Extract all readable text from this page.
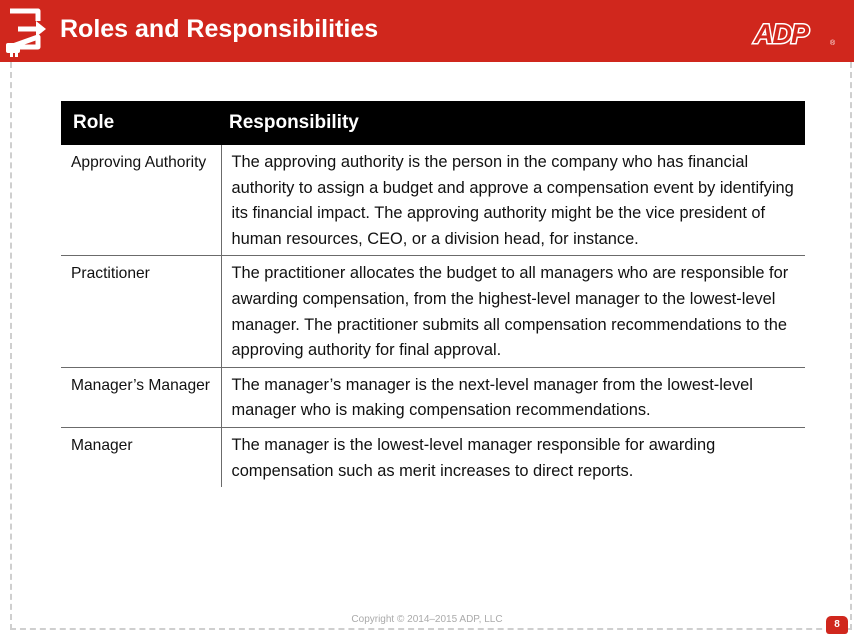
Roles and Responsibilities	ADP	®
Role	Responsibility
Approving Authority	The approving authority is the person in the company who has financial authority to assign a budget and approve a compensation event by identifying its financial impact. The approving authority might be the vice president of human resources, CEO, or a division head, for instance.
Practitioner	The practitioner allocates the budget to all managers who are responsible for awarding compensation, from the highest-level manager to the lowest-level manager. The practitioner submits all compensation recommendations to the approving authority for final approval.
Manager’s Manager	The manager’s manager is the next-level manager from the lowest-level manager who is making compensation recommendations.
Manager	The manager is the lowest-level manager responsible for awarding compensation such as merit increases to direct reports.
Copyright © 2014–2015 ADP, LLC	8
